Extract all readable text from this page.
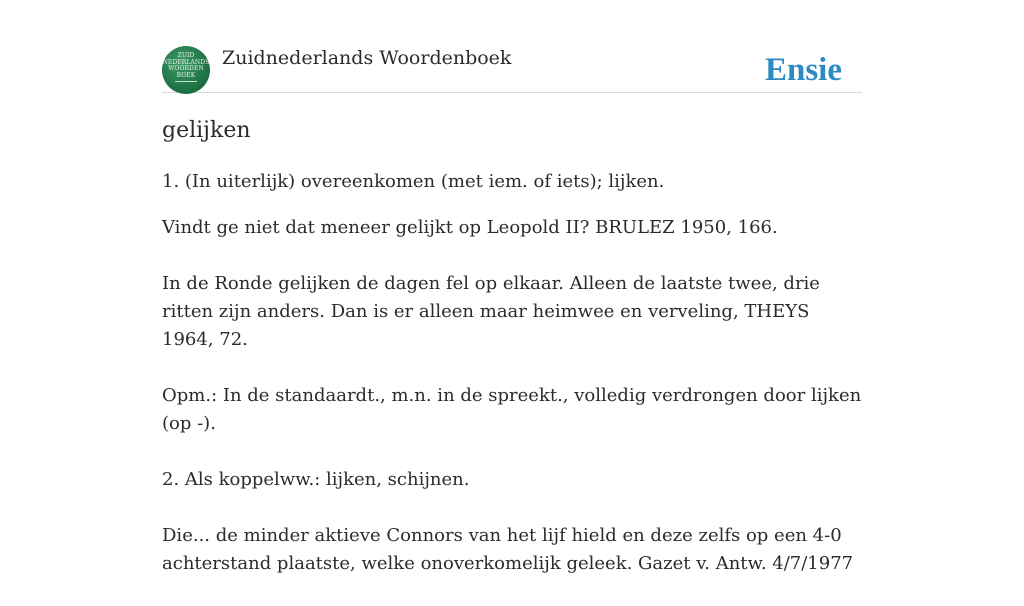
ZUID
NEDERLANDS
WOORDEN
BOEK
Zuidnederlands Woordenboek	Ensie
gelijken

1. (In uiterlijk) overeenkomen (met iem. of iets); lijken.

Vindt ge niet dat meneer gelijkt op Leopold II? BRULEZ 1950, 166.

In de Ronde gelijken de dagen fel op elkaar. Alleen de laatste twee, drie ritten zijn anders. Dan is er alleen maar heimwee en verveling, THEYS 1964, 72.

Opm.: In de standaardt., m.n. in de spreekt., volledig verdrongen door lijken (op -).

2. Als koppelww.: lijken, schijnen.

Die... de minder aktieve Connors van het lijf hield en deze zelfs op een 4-0 achterstand plaatste, welke onoverkomelijk geleek. Gazet v. Antw. 4/7/1977
